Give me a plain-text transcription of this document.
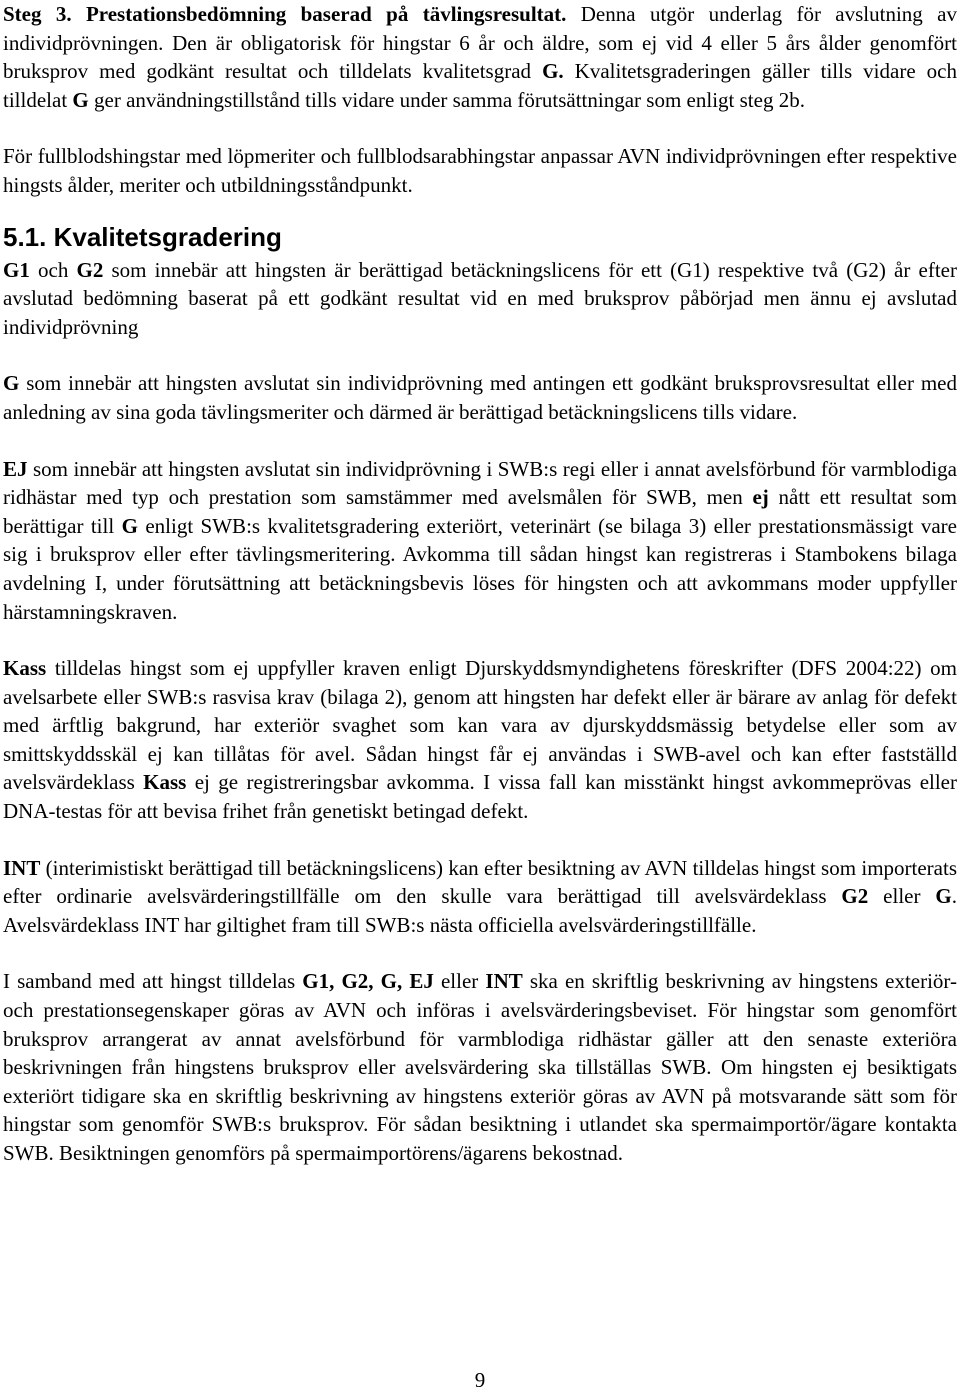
Steg 3. Prestationsbedömning baserad på tävlingsresultat. Denna utgör underlag för avslutning av individprövningen. Den är obligatorisk för hingstar 6 år och äldre, som ej vid 4 eller 5 års ålder genomfört bruksprov med godkänt resultat och tilldelats kvalitetsgrad G. Kvalitetsgraderingen gäller tills vidare och tilldelat G ger användningstillstånd tills vidare under samma förutsättningar som enligt steg 2b.

För fullblodshingstar med löpmeriter och fullblodsarabhingstar anpassar AVN individprövningen efter respektive hingsts ålder, meriter och utbildningsståndpunkt.

5.1. Kvalitetsgradering

G1 och G2 som innebär att hingsten är berättigad betäckningslicens för ett (G1) respektive två (G2) år efter avslutad bedömning baserat på ett godkänt resultat vid en med bruksprov påbörjad men ännu ej avslutad individprövning

G som innebär att hingsten avslutat sin individprövning med antingen ett godkänt bruksprovsresultat eller med anledning av sina goda tävlingsmeriter och därmed är berättigad betäckningslicens tills vidare.

EJ som innebär att hingsten avslutat sin individprövning i SWB:s regi eller i annat avelsförbund för varmblodiga ridhästar med typ och prestation som samstämmer med avelsmålen för SWB, men ej nått ett resultat som berättigar till G enligt SWB:s kvalitetsgradering exteriört, veterinärt (se bilaga 3) eller prestationsmässigt vare sig i bruksprov eller efter tävlingsmeritering. Avkomma till sådan hingst kan registreras i Stambokens bilaga avdelning I, under förutsättning att betäckningsbevis löses för hingsten och att avkommans moder uppfyller härstamningskraven.

Kass tilldelas hingst som ej uppfyller kraven enligt Djurskyddsmyndighetens föreskrifter (DFS 2004:22) om avelsarbete eller SWB:s rasvisa krav (bilaga 2), genom att hingsten har defekt eller är bärare av anlag för defekt med ärftlig bakgrund, har exteriör svaghet som kan vara av djurskyddsmässig betydelse eller som av smittskyddsskäl ej kan tillåtas för avel. Sådan hingst får ej användas i SWB-avel och kan efter fastställd avelsvärdeklass Kass ej ge registreringsbar avkomma. I vissa fall kan misstänkt hingst avkommeprövas eller DNA-testas för att bevisa frihet från genetiskt betingad defekt.

INT (interimistiskt berättigad till betäckningslicens) kan efter besiktning av AVN tilldelas hingst som importerats efter ordinarie avelsvärderingstillfälle om den skulle vara berättigad till avelsvärdeklass G2 eller G. Avelsvärdeklass INT har giltighet fram till SWB:s nästa officiella avelsvärderingstillfälle.

I samband med att hingst tilldelas G1, G2, G, EJ eller INT ska en skriftlig beskrivning av hingstens exteriör- och prestationsegenskaper göras av AVN och införas i avelsvärderingsbeviset. För hingstar som genomfört bruksprov arrangerat av annat avelsförbund för varmblodiga ridhästar gäller att den senaste exteriöra beskrivningen från hingstens bruksprov eller avelsvärdering ska tillställas SWB. Om hingsten ej besiktigats exteriört tidigare ska en skriftlig beskrivning av hingstens exteriör göras av AVN på motsvarande sätt som för hingstar som genomför SWB:s bruksprov. För sådan besiktning i utlandet ska spermaimportör/ägare kontakta SWB. Besiktningen genomförs på spermaimportörens/ägarens bekostnad.

9
